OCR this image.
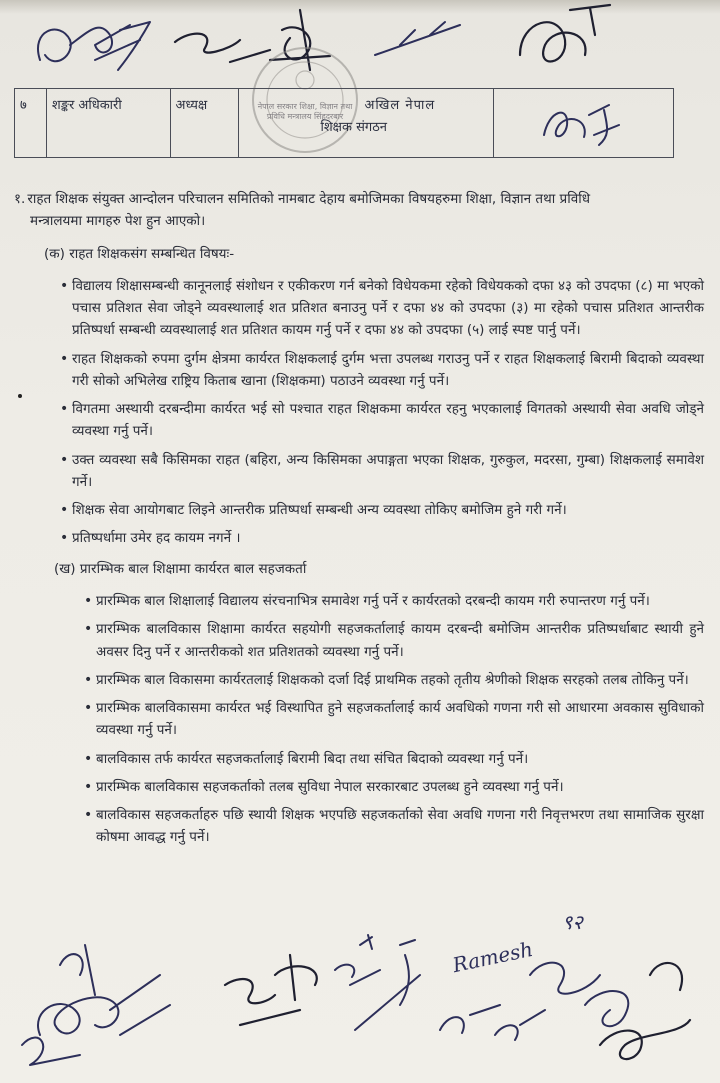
नेपाल सरकार शिक्षा, विज्ञान तथा प्रविधि मन्त्रालय सिंहदरबार
७	शङ्कर अधिकारी	अध्यक्ष	अखिल नेपाल
शिक्षक संगठन

१. राहत शिक्षक संयुक्त आन्दोलन परिचालन समितिको नामबाट देहाय बमोजिमका विषयहरुमा शिक्षा, विज्ञान तथा प्रविधि
मन्त्रालयमा मागहरु पेश हुन आएको।

(क) राहत शिक्षकसंग सम्बन्धित विषयः-
• विद्यालय शिक्षासम्बन्धी कानूनलाई संशोधन र एकीकरण गर्न बनेको विधेयकमा रहेको विधेयकको दफा ४३ को उपदफा (८) मा भएको पचास प्रतिशत सेवा जोड्ने व्यवस्थालाई शत प्रतिशत बनाउनु पर्ने र दफा ४४ को उपदफा (३) मा रहेको पचास प्रतिशत आन्तरीक प्रतिष्पर्धा सम्बन्धी व्यवस्थालाई शत प्रतिशत कायम गर्नु पर्ने र दफा ४४ को उपदफा (५) लाई स्पष्ट पार्नु पर्ने।
• राहत शिक्षकको रुपमा दुर्गम क्षेत्रमा कार्यरत शिक्षकलाई दुर्गम भत्ता उपलब्ध गराउनु पर्ने र राहत शिक्षकलाई बिरामी बिदाको व्यवस्था गरी सोको अभिलेख राष्ट्रिय किताब खाना (शिक्षकमा) पठाउने व्यवस्था गर्नु पर्ने।
• विगतमा अस्थायी दरबन्दीमा कार्यरत भई सो पश्चात राहत शिक्षकमा कार्यरत रहनु भएकालाई विगतको अस्थायी सेवा अवधि जोड्ने व्यवस्था गर्नु पर्ने।
• उक्त व्यवस्था सबै किसिमका राहत (बहिरा, अन्य किसिमका अपाङ्गता भएका शिक्षक, गुरुकुल, मदरसा, गुम्बा) शिक्षकलाई समावेश गर्ने।
• शिक्षक सेवा आयोगबाट लिइने आन्तरीक प्रतिष्पर्धा सम्बन्धी अन्य व्यवस्था तोकिए बमोजिम हुने गरी गर्ने।
• प्रतिष्पर्धामा उमेर हद कायम नगर्ने ।
(ख) प्रारम्भिक बाल शिक्षामा कार्यरत बाल सहजकर्ता
• प्रारम्भिक बाल शिक्षालाई विद्यालय संरचनाभित्र समावेश गर्नु पर्ने र कार्यरतको दरबन्दी कायम गरी रुपान्तरण गर्नु पर्ने।
• प्रारम्भिक बालविकास शिक्षामा कार्यरत सहयोगी सहजकर्तालाई कायम दरबन्दी बमोजिम आन्तरीक प्रतिष्पर्धाबाट स्थायी हुने अवसर दिनु पर्ने र आन्तरीकको शत प्रतिशतको व्यवस्था गर्नु पर्ने।
• प्रारम्भिक बाल विकासमा कार्यरतलाई शिक्षकको दर्जा दिई प्राथमिक तहको तृतीय श्रेणीको शिक्षक सरहको तलब तोकिनु पर्ने।
• प्रारम्भिक बालविकासमा कार्यरत भई विस्थापित हुने सहजकर्तालाई कार्य अवधिको गणना गरी सो आधारमा अवकास सुविधाको व्यवस्था गर्नु पर्ने।
• बालविकास तर्फ कार्यरत सहजकर्तालाई बिरामी बिदा तथा संचित बिदाको व्यवस्था गर्नु पर्ने।
• प्रारम्भिक बालविकास सहजकर्ताको तलब सुविधा नेपाल सरकारबाट उपलब्ध हुने व्यवस्था गर्नु पर्ने।
• बालविकास सहजकर्ताहरु पछि स्थायी शिक्षक भएपछि सहजकर्ताको सेवा अवधि गणना गरी निवृत्तभरण तथा सामाजिक सुरक्षा कोषमा आवद्ध गर्नु पर्ने।
९२
Ramesh
